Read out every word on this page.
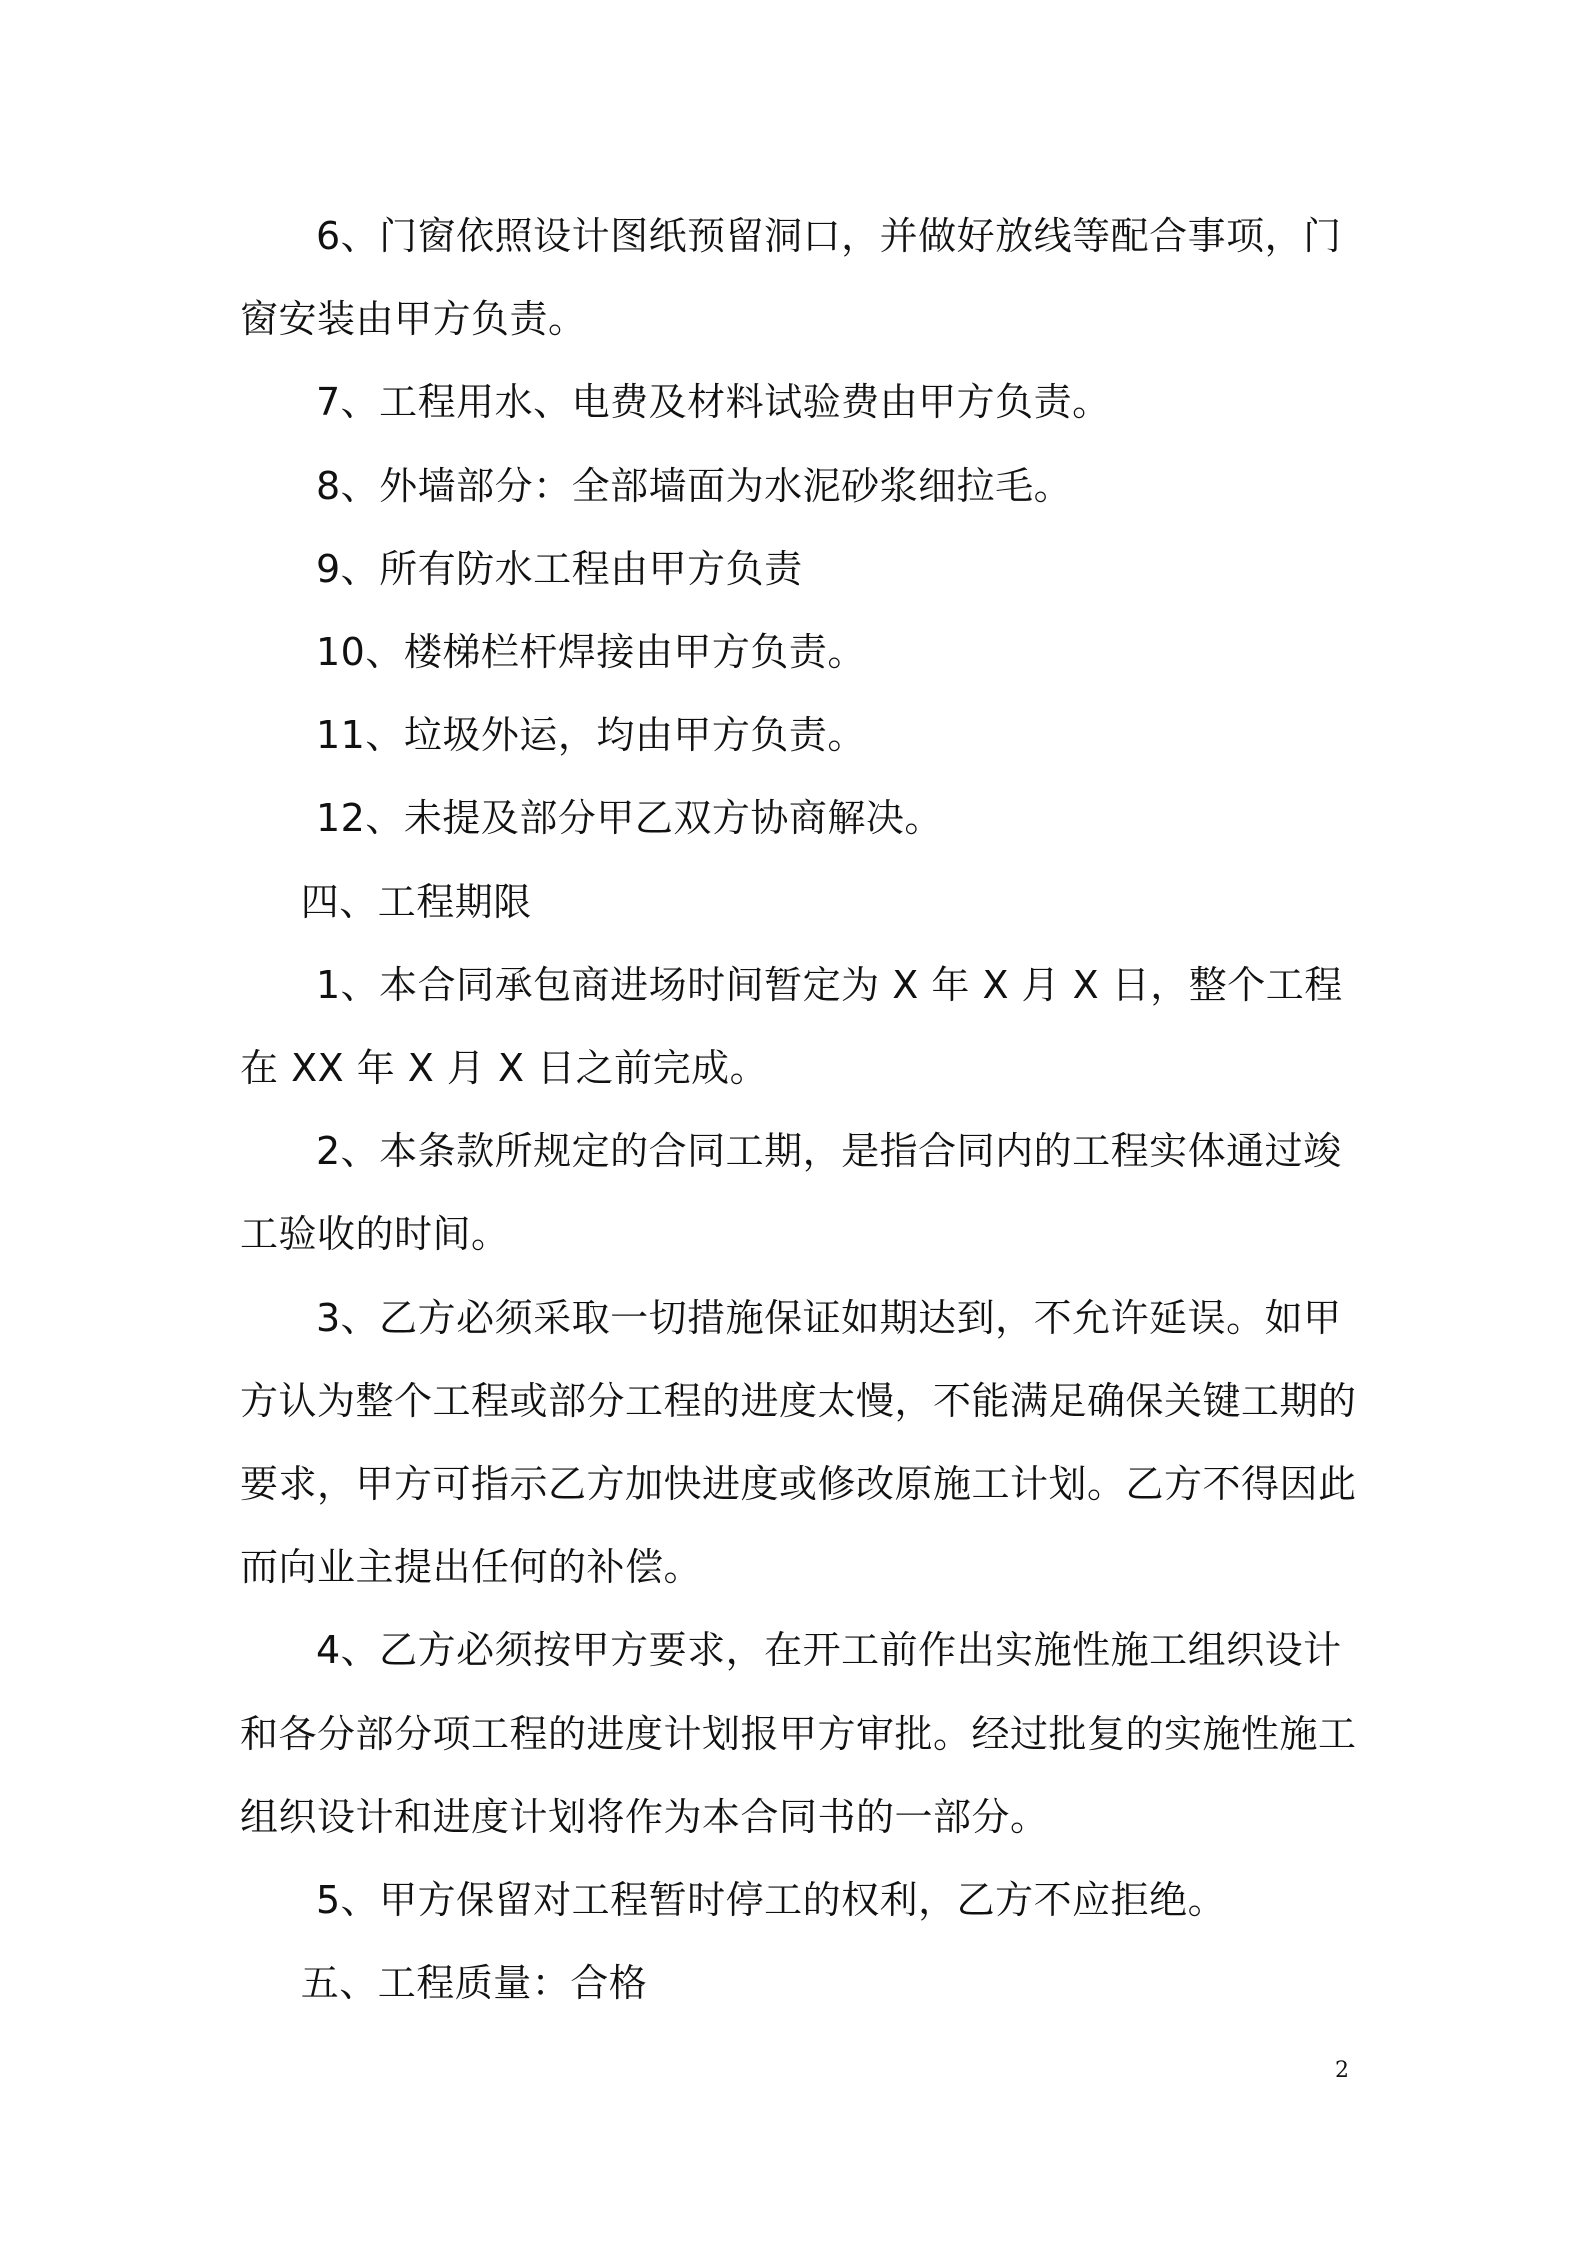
6、门窗依照设计图纸预留洞口，并做好放线等配合事项，门窗安装由甲方负责。

7、工程用水、电费及材料试验费由甲方负责。

8、外墙部分：全部墙面为水泥砂浆细拉毛。

9、所有防水工程由甲方负责

10、楼梯栏杆焊接由甲方负责。

11、垃圾外运，均由甲方负责。

12、未提及部分甲乙双方协商解决。

四、工程期限

1、本合同承包商进场时间暂定为 X 年 X 月 X 日，整个工程在 XX 年 X 月 X 日之前完成。

2、本条款所规定的合同工期，是指合同内的工程实体通过竣工验收的时间。

3、乙方必须采取一切措施保证如期达到，不允许延误。如甲方认为整个工程或部分工程的进度太慢，不能满足确保关键工期的要求，甲方可指示乙方加快进度或修改原施工计划。乙方不得因此而向业主提出任何的补偿。

4、乙方必须按甲方要求，在开工前作出实施性施工组织设计和各分部分项工程的进度计划报甲方审批。经过批复的实施性施工组织设计和进度计划将作为本合同书的一部分。

5、甲方保留对工程暂时停工的权利，乙方不应拒绝。

五、工程质量：合格

2
